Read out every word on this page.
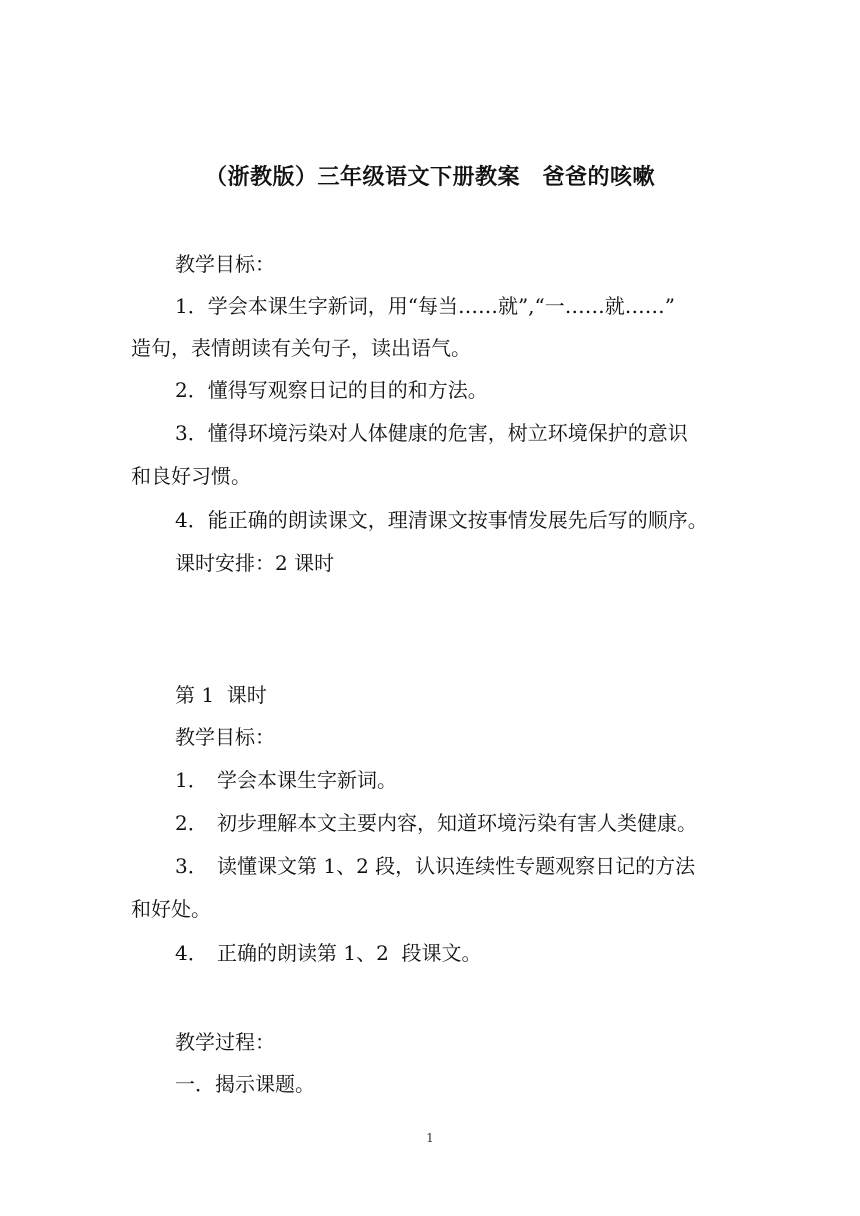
（浙教版）三年级语文下册教案　爸爸的咳嗽
教学目标：
1．学会本课生字新词，用“每当……就”,“一……就……”
造句，表情朗读有关句子，读出语气。
2．懂得写观察日记的目的和方法。
3．懂得环境污染对人体健康的危害，树立环境保护的意识
和良好习惯。
4．能正确的朗读课文，理清课文按事情发展先后写的顺序。
课时安排：2 课时
第 1  课时
教学目标：
1． 学会本课生字新词。
2． 初步理解本文主要内容，知道环境污染有害人类健康。
3． 读懂课文第 1、2 段，认识连续性专题观察日记的方法
和好处。
4． 正确的朗读第 1、2  段课文。
教学过程：
一．揭示课题。
1
